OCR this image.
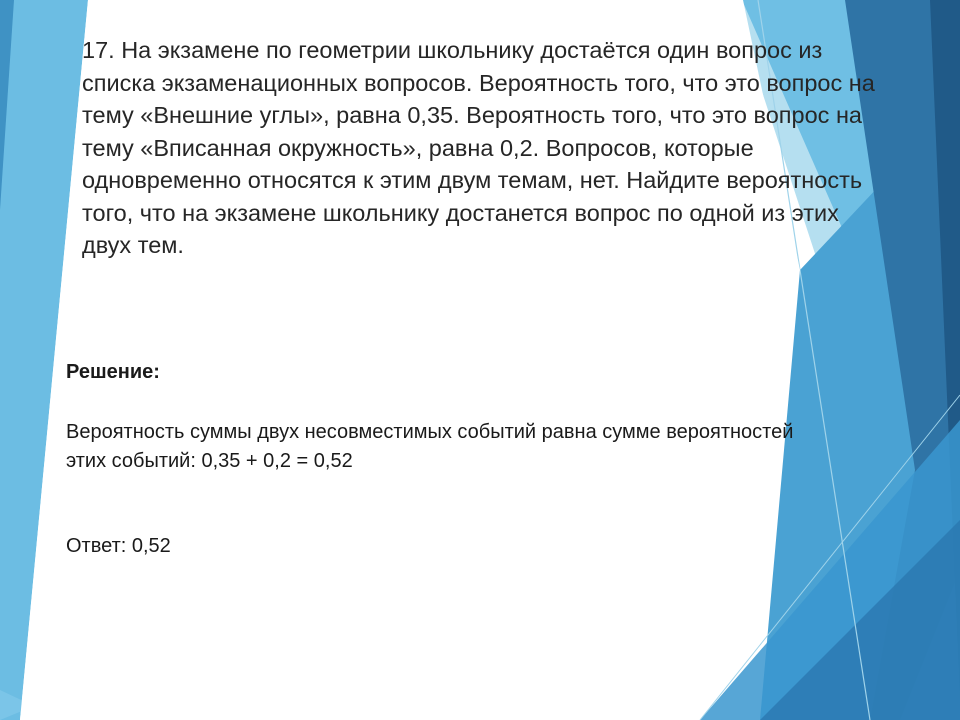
17. На экзамене по геометрии школьнику достаётся один вопрос из списка экзаменационных вопросов. Вероятность того, что это вопрос на тему «Внешние углы», равна 0,35. Вероятность того, что это вопрос на тему «Вписанная окружность», равна 0,2. Вопросов, которые одновременно относятся к этим двум темам, нет. Найдите вероятность того, что на экзамене школьнику достанется вопрос по одной из этих двух тем.

Решение:

Вероятность суммы двух несовместимых событий равна сумме вероятностей этих событий: 0,35 + 0,2 = 0,52

Ответ: 0,52
